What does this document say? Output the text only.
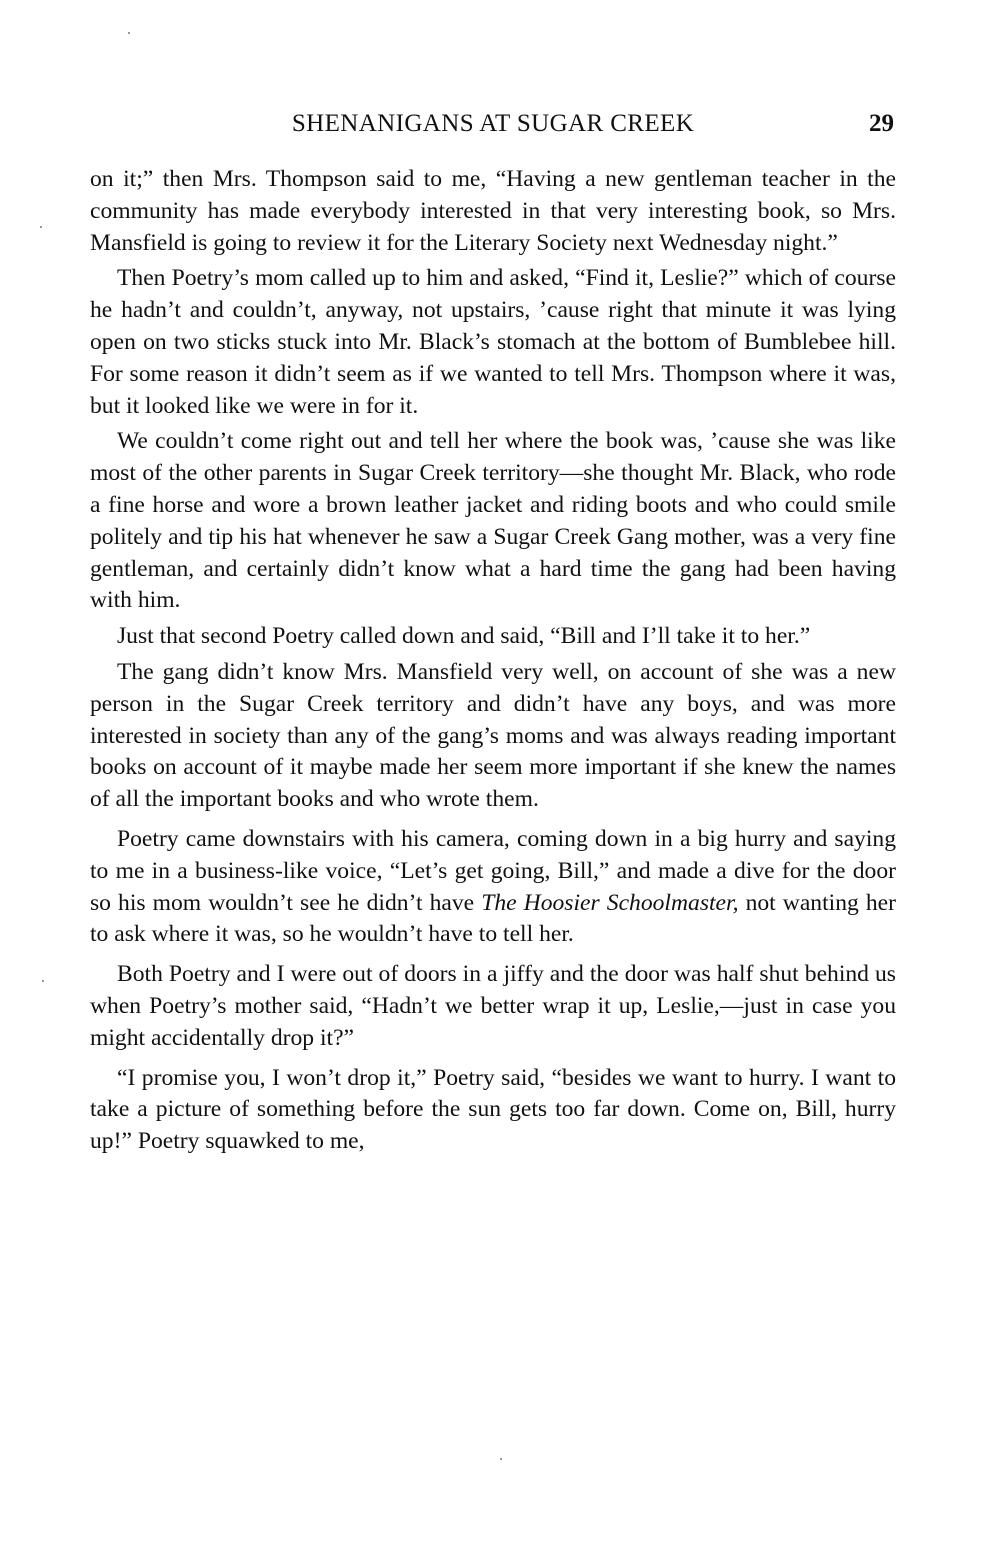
SHENANIGANS AT SUGAR CREEK	29

on it;” then Mrs. Thompson said to me, “Having a new gentleman teacher in the community has made everybody interested in that very interesting book, so Mrs. Mansfield is going to review it for the Literary Society next Wednesday night.”

Then Poetry’s mom called up to him and asked, “Find it, Leslie?” which of course he hadn’t and couldn’t, anyway, not upstairs, ’cause right that minute it was lying open on two sticks stuck into Mr. Black’s stomach at the bottom of Bumblebee hill. For some reason it didn’t seem as if we wanted to tell Mrs. Thompson where it was, but it looked like we were in for it.

We couldn’t come right out and tell her where the book was, ’cause she was like most of the other parents in Sugar Creek territory—she thought Mr. Black, who rode a fine horse and wore a brown leather jacket and riding boots and who could smile politely and tip his hat whenever he saw a Sugar Creek Gang mother, was a very fine gentleman, and certainly didn’t know what a hard time the gang had been having with him.

Just that second Poetry called down and said, “Bill and I’ll take it to her.”

The gang didn’t know Mrs. Mansfield very well, on account of she was a new person in the Sugar Creek territory and didn’t have any boys, and was more interested in society than any of the gang’s moms and was always reading important books on account of it maybe made her seem more important if she knew the names of all the important books and who wrote them.

Poetry came downstairs with his camera, coming down in a big hurry and saying to me in a business-like voice, “Let’s get going, Bill,” and made a dive for the door so his mom wouldn’t see he didn’t have The Hoosier Schoolmaster, not wanting her to ask where it was, so he wouldn’t have to tell her.

Both Poetry and I were out of doors in a jiffy and the door was half shut behind us when Poetry’s mother said, “Hadn’t we better wrap it up, Leslie,—just in case you might accidentally drop it?”

“I promise you, I won’t drop it,” Poetry said, “besides we want to hurry. I want to take a picture of something before the sun gets too far down. Come on, Bill, hurry up!” Poetry squawked to me,
